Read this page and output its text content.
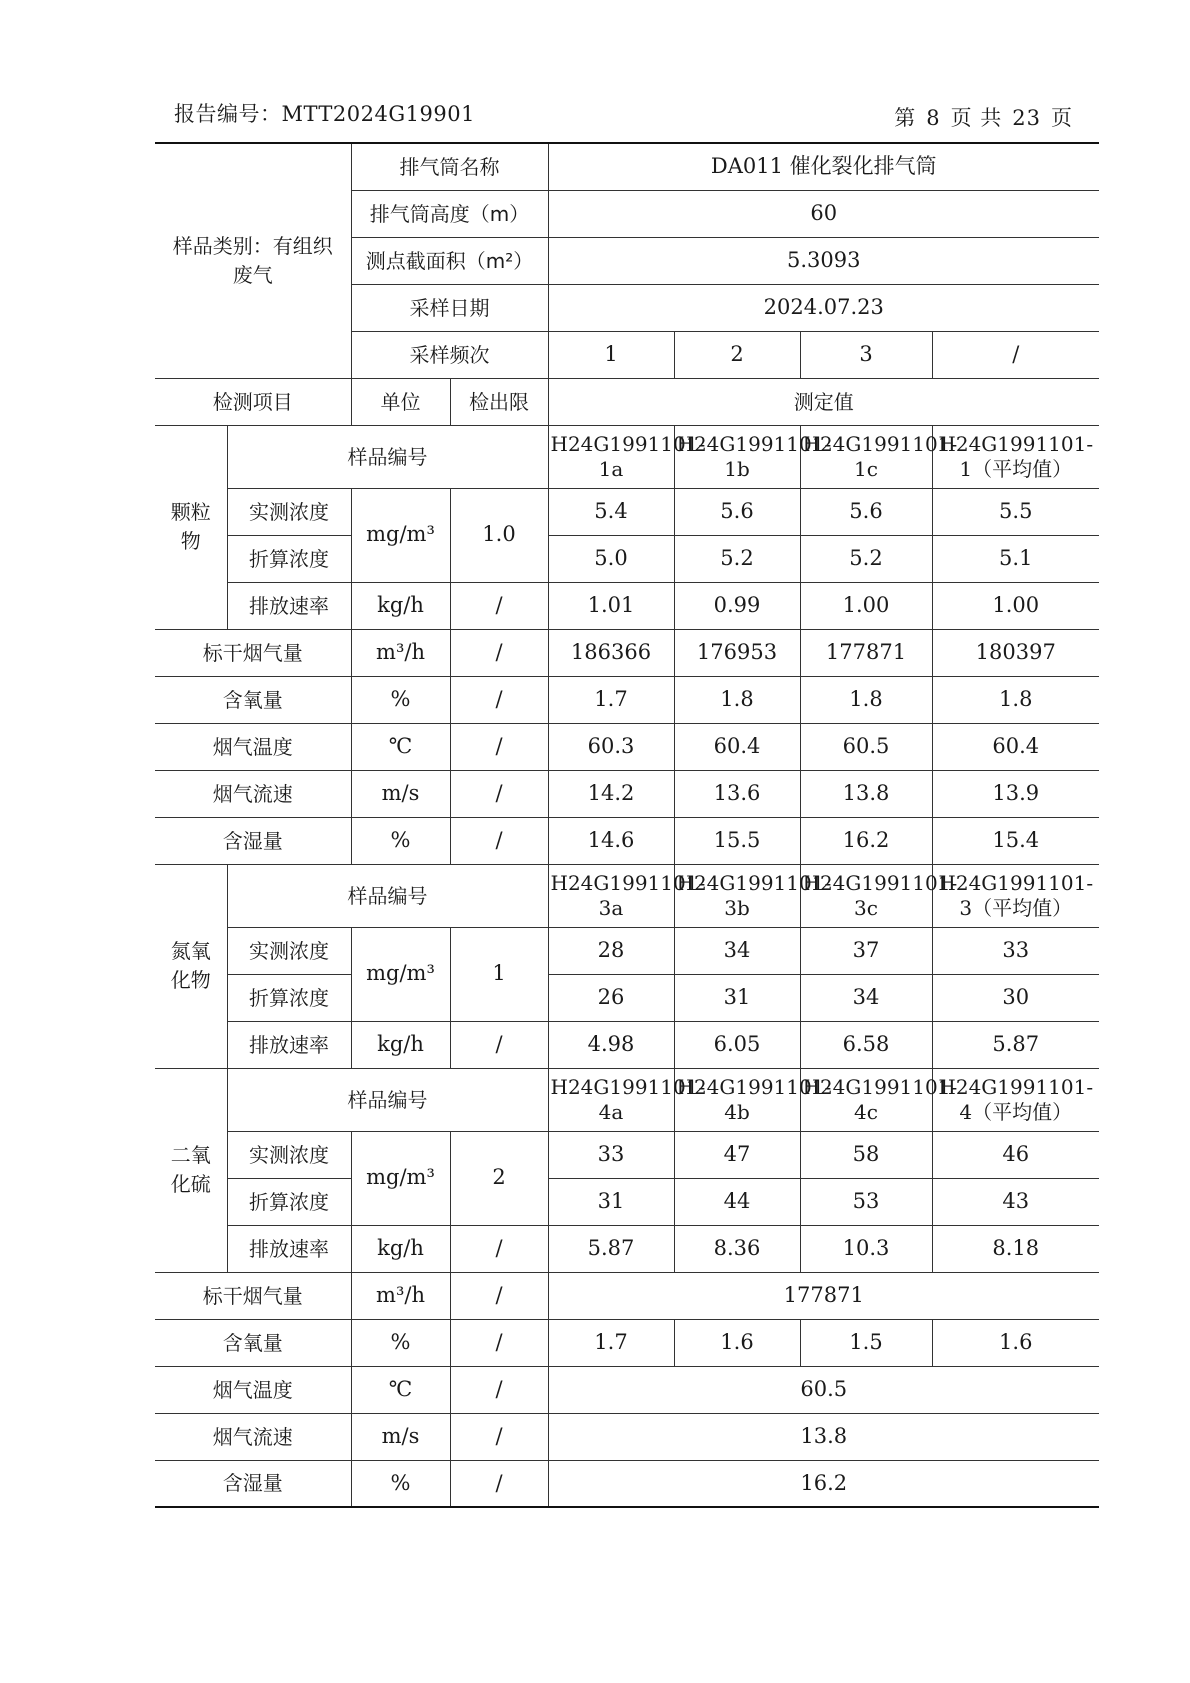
报告编号：MTT2024G19901	第 8 页 共 23 页
样品类别：有组织废气		排气筒名称		DA011 催化裂化排气筒			
		排气筒高度（m）		60			
		测点截面积（m²）		5.3093			
		采样日期		2024.07.23			
		采样频次		1	2	3	/
检测项目		单位	检出限	测定值			
颗粒物	样品编号			H24G1991101-1a	H24G1991101-1b	H24G1991101-1c	H24G1991101-1（平均值）
	实测浓度	mg/m³	1.0	5.4	5.6	5.6	5.5
	折算浓度			5.0	5.2	5.2	5.1
	排放速率	kg/h	/	1.01	0.99	1.00	1.00
标干烟气量		m³/h	/	186366	176953	177871	180397
含氧量		%	/	1.7	1.8	1.8	1.8
烟气温度		℃	/	60.3	60.4	60.5	60.4
烟气流速		m/s	/	14.2	13.6	13.8	13.9
含湿量		%	/	14.6	15.5	16.2	15.4
氮氧化物	样品编号			H24G1991101-3a	H24G1991101-3b	H24G1991101-3c	H24G1991101-3（平均值）
	实测浓度	mg/m³	1	28	34	37	33
	折算浓度			26	31	34	30
	排放速率	kg/h	/	4.98	6.05	6.58	5.87
二氧化硫	样品编号			H24G1991101-4a	H24G1991101-4b	H24G1991101-4c	H24G1991101-4（平均值）
	实测浓度	mg/m³	2	33	47	58	46
	折算浓度			31	44	53	43
	排放速率	kg/h	/	5.87	8.36	10.3	8.18
标干烟气量		m³/h	/	177871			
含氧量		%	/	1.7	1.6	1.5	1.6
烟气温度		℃	/	60.5			
烟气流速		m/s	/	13.8			
含湿量		%	/	16.2			
